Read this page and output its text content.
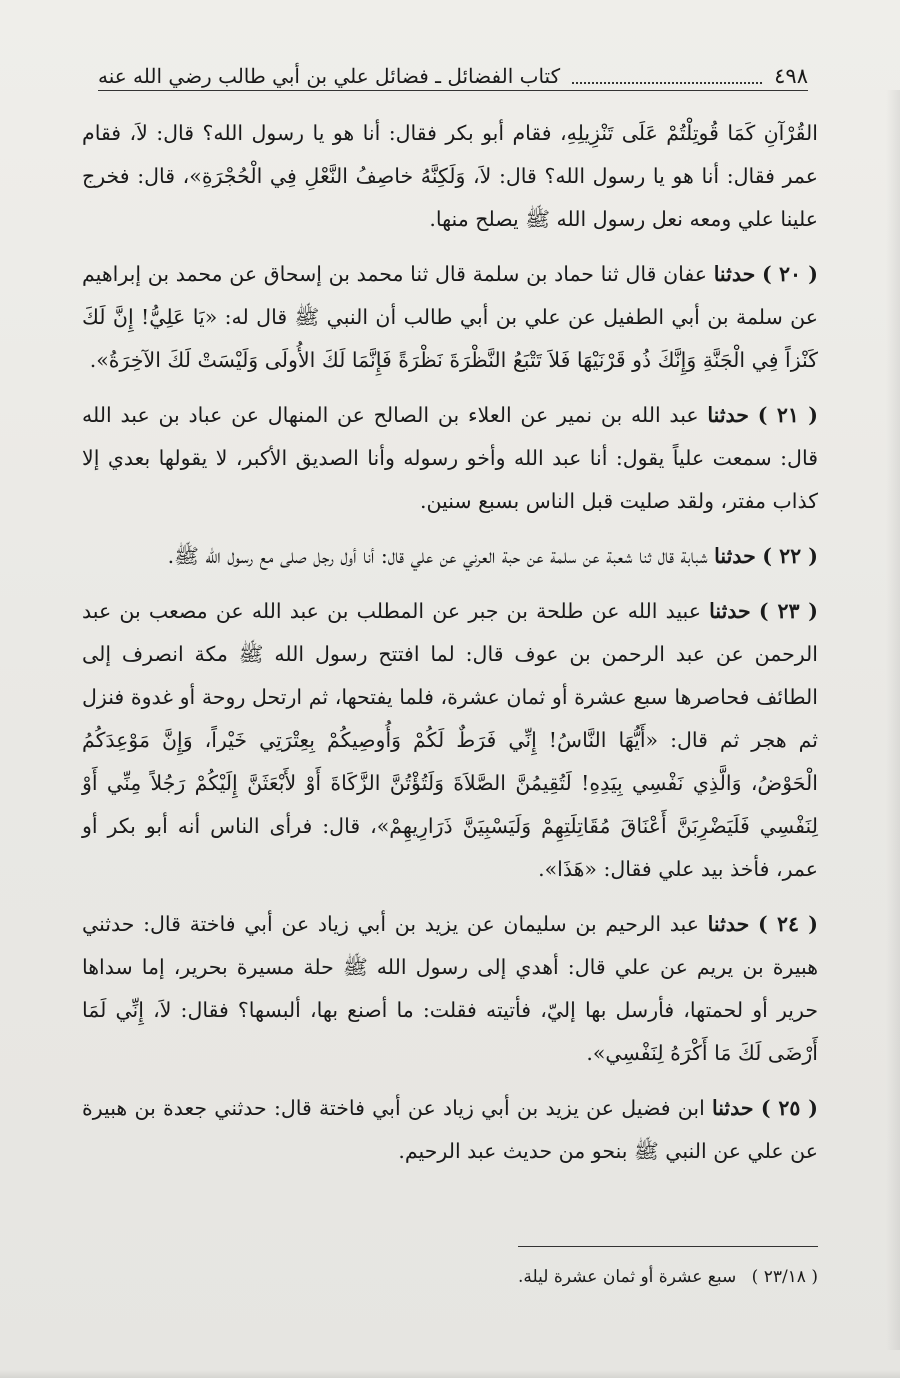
٤٩٨
كتاب الفضائل ـ فضائل علي بن أبي طالب رضي الله عنه

القُرْآنِ كَمَا قُوتِلْتُمْ عَلَى تَنْزِيلِهِ، فقام أبو بكر فقال: أنا هو يا رسول الله؟ قال: لاَ، فقام عمر فقال: أنا هو يا رسول الله؟ قال: لاَ، وَلَكِنَّهُ خاصِفُ النَّعْلِ فِي الْحُجْرَةِ»، قال: فخرج علينا علي ومعه نعل رسول الله ﷺ يصلح منها.

( ٢٠ ) حدثنا عفان قال ثنا حماد بن سلمة قال ثنا محمد بن إسحاق عن محمد بن إبراهيم عن سلمة بن أبي الطفيل عن علي بن أبي طالب أن النبي ﷺ قال له: «يَا عَلِيُّ! إِنَّ لَكَ كَنْزاً فِي الْجَنَّةِ وَإِنَّكَ ذُو قَرْنَيْهَا فَلاَ تَتْبَعُ النَّظْرَةَ نَظْرَةً فَإِنَّمَا لَكَ الأُولَى وَلَيْسَتْ لَكَ الآخِرَةُ».

( ٢١ ) حدثنا عبد الله بن نمير عن العلاء بن الصالح عن المنهال عن عباد بن عبد الله قال: سمعت علياً يقول: أنا عبد الله وأخو رسوله وأنا الصديق الأكبر، لا يقولها بعدي إلا كذاب مفتر، ولقد صليت قبل الناس بسبع سنين.

( ٢٢ ) حدثنا شبابة قال ثنا شعبة عن سلمة عن حبة العرني عن علي قال: أنا أول رجل صلى مع رسول الله ﷺ.

( ٢٣ ) حدثنا عبيد الله عن طلحة بن جبر عن المطلب بن عبد الله عن مصعب بن عبد الرحمن عن عبد الرحمن بن عوف قال: لما افتتح رسول الله ﷺ مكة انصرف إلى الطائف فحاصرها سبع عشرة أو ثمان عشرة، فلما يفتحها، ثم ارتحل روحة أو غدوة فنزل ثم هجر ثم قال: «أَيُّهَا النَّاسُ! إِنِّي فَرَطٌ لَكُمْ وَأُوصِيكُمْ بِعِتْرَتِي خَيْراً، وَإِنَّ مَوْعِدَكُمُ الْحَوْضُ، وَالَّذِي نَفْسِي بِيَدِهِ! لَتُقِيمُنَّ الصَّلاَةَ وَلَتُؤْتُنَّ الزَّكَاةَ أَوْ لأَبْعَثَنَّ إِلَيْكُمْ رَجُلاً مِنِّي أَوْ لِنَفْسِي فَلَيَضْرِبَنَّ أَعْنَاقَ مُقَاتِلَتِهِمْ وَلَيَسْبِيَنَّ ذَرَارِيهِمْ»، قال: فرأى الناس أنه أبو بكر أو عمر، فأخذ بيد علي فقال: «هَذَا».

( ٢٤ ) حدثنا عبد الرحيم بن سليمان عن يزيد بن أبي زياد عن أبي فاختة قال: حدثني هبيرة بن يريم عن علي قال: أهدي إلى رسول الله ﷺ حلة مسيرة بحرير، إما سداها حرير أو لحمتها، فأرسل بها إليّ، فأتيته فقلت: ما أصنع بها، ألبسها؟ فقال: لاَ، إِنِّي لَمَا أَرْضَى لَكَ مَا أَكْرَهُ لِنَفْسِي».

( ٢٥ ) حدثنا ابن فضيل عن يزيد بن أبي زياد عن أبي فاختة قال: حدثني جعدة بن هبيرة عن علي عن النبي ﷺ بنحو من حديث عبد الرحيم.

( ٢٣/١٨ ) سبع عشرة أو ثمان عشرة ليلة.
